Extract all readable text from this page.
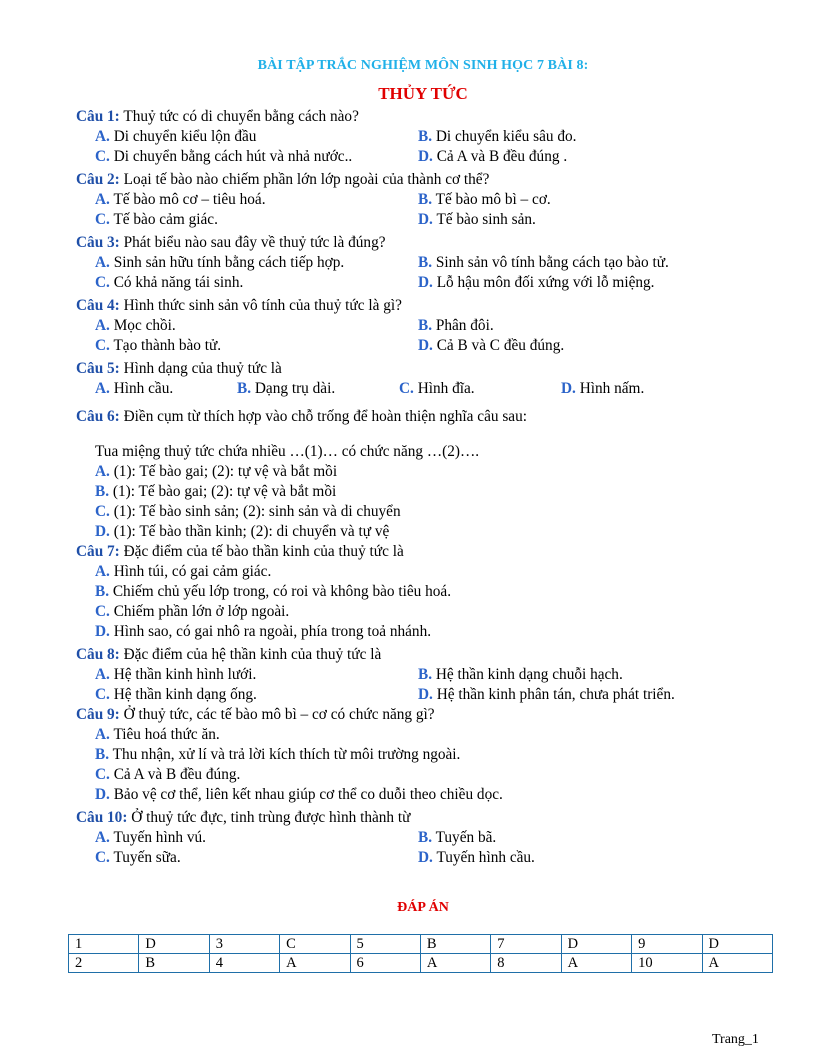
BÀI TẬP TRẮC NGHIỆM MÔN SINH HỌC 7 BÀI 8:
THỦY TỨC

Câu 1: Thuỷ tức có di chuyển bằng cách nào?

A. Di chuyển kiểu lộn đầu	B. Di chuyển kiểu sâu đo.
C. Di chuyển bằng cách hút và nhả nước..	D. Cả A và B đều đúng .

Câu 2: Loại tế bào nào chiếm phần lớn lớp ngoài của thành cơ thể?

A. Tế bào mô cơ – tiêu hoá.	B. Tế bào mô bì – cơ.
C. Tế bào cảm giác.	D. Tế bào sinh sản.

Câu 3: Phát biểu nào sau đây về thuỷ tức là đúng?

A. Sinh sản hữu tính bằng cách tiếp hợp.	B. Sinh sản vô tính bằng cách tạo bào tử.
C. Có khả năng tái sinh.	D. Lỗ hậu môn đối xứng với lỗ miệng.

Câu 4: Hình thức sinh sản vô tính của thuỷ tức là gì?

A. Mọc chồi.	B. Phân đôi.
C. Tạo thành bào tử.	D. Cả B và C đều đúng.

Câu 5: Hình dạng của thuỷ tức là

A. Hình cầu.	B. Dạng trụ dài.	C. Hình đĩa.	D. Hình nấm.

Câu 6: Điền cụm từ thích hợp vào chỗ trống để hoàn thiện nghĩa câu sau:

Tua miệng thuỷ tức chứa nhiều …(1)… có chức năng …(2)….

A. (1): Tế bào gai; (2): tự vệ và bắt mồi
B. (1): Tế bào gai; (2): tự vệ và bắt mồi
C. (1): Tế bào sinh sản; (2): sinh sản và di chuyển
D. (1): Tế bào thần kinh; (2): di chuyển và tự vệ

Câu 7: Đặc điểm của tế bào thần kinh của thuỷ tức là

A. Hình túi, có gai cảm giác.
B. Chiếm chủ yếu lớp trong, có roi và không bào tiêu hoá.
C. Chiếm phần lớn ở lớp ngoài.
D. Hình sao, có gai nhô ra ngoài, phía trong toả nhánh.

Câu 8: Đặc điểm của hệ thần kinh của thuỷ tức là

A. Hệ thần kinh hình lưới.	B. Hệ thần kinh dạng chuỗi hạch.
C. Hệ thần kinh dạng ống.	D. Hệ thần kinh phân tán, chưa phát triển.

Câu 9: Ở thuỷ tức, các tế bào mô bì – cơ có chức năng gì?

A. Tiêu hoá thức ăn.
B. Thu nhận, xử lí và trả lời kích thích từ môi trường ngoài.
C. Cả A và B đều đúng.
D. Bảo vệ cơ thể, liên kết nhau giúp cơ thể co duỗi theo chiều dọc.

Câu 10: Ở thuỷ tức đực, tinh trùng được hình thành từ

A. Tuyến hình vú.	B. Tuyến bã.
C. Tuyến sữa.	D. Tuyến hình cầu.
ĐÁP ÁN
1	D	3	C	5	B	7	D	9	D
2	B	4	A	6	A	8	A	10	A
Trang_1
